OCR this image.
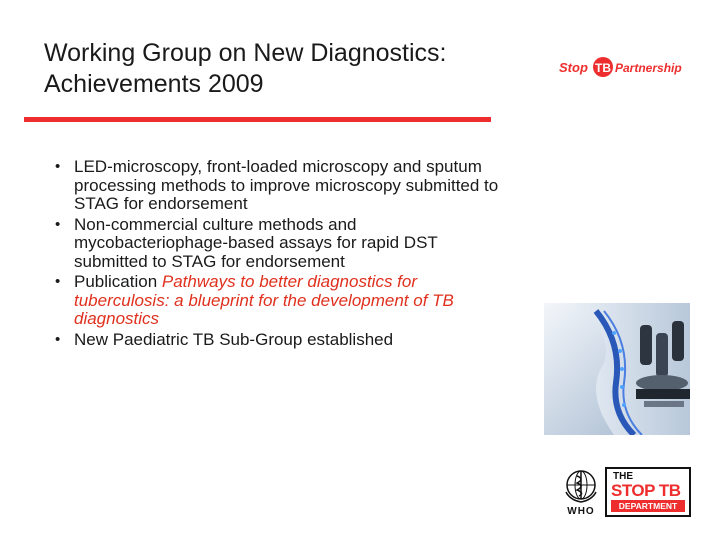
Working Group on New Diagnostics:
Achievements 2009
Stop TB Partnership
• LED-microscopy, front-loaded microscopy and sputum processing methods to improve microscopy submitted to STAG for endorsement
• Non-commercial culture methods and mycobacteriophage-based assays for rapid DST submitted to STAG for endorsement
• Publication Pathways to better diagnostics for tuberculosis: a blueprint for the development of TB diagnostics
• New Paediatric TB Sub-Group established
WHO
THE
STOP TB
DEPARTMENT
